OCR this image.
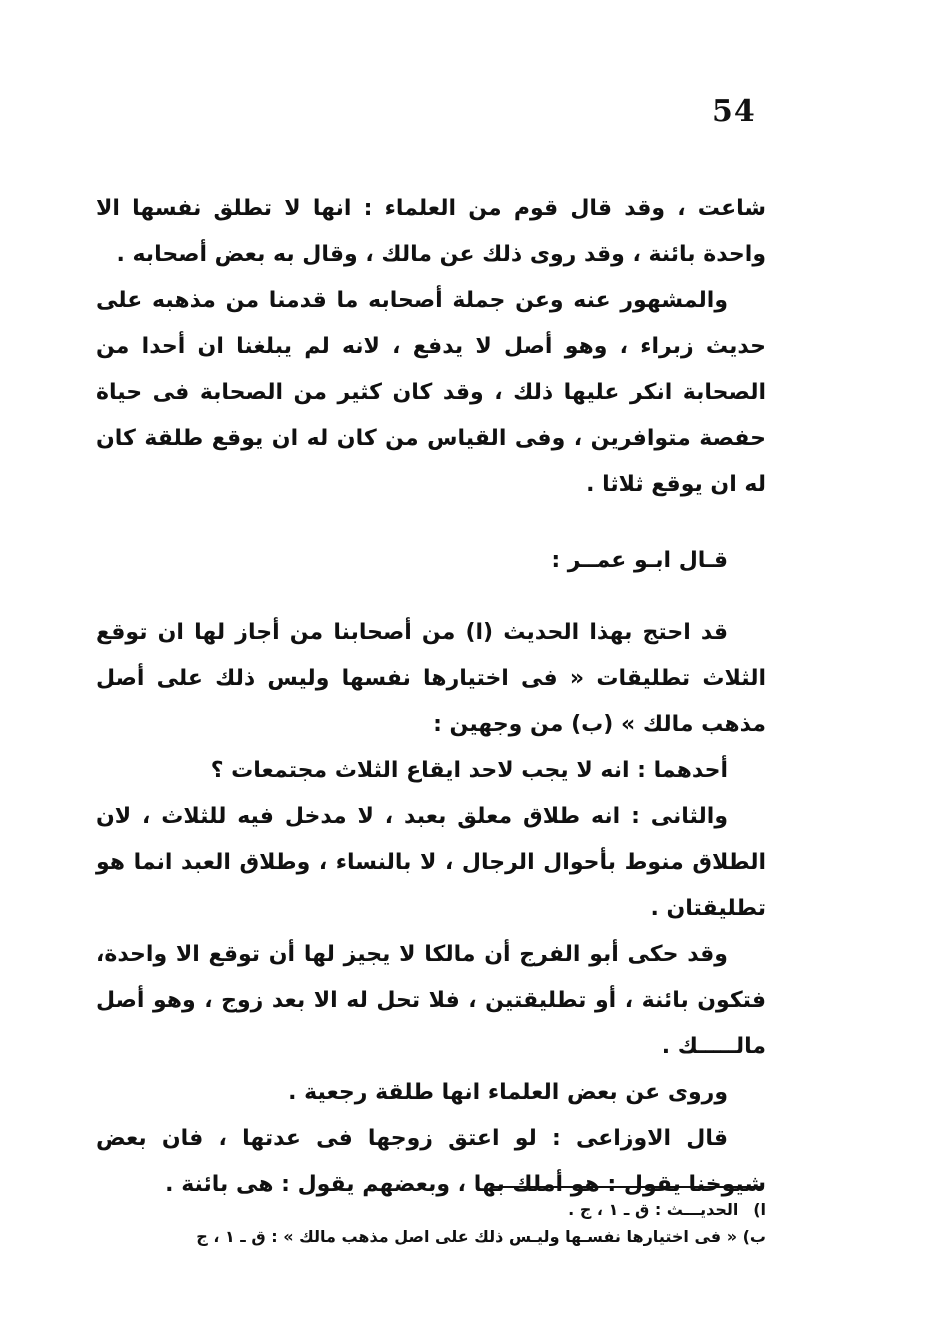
54

شاعت ، وقد قال قوم من العلماء : انها لا تطلق نفسها الا واحدة بائنة ، وقد روى ذلك عن مالك ، وقال به بعض أصحابه .

والمشهور عنه وعن جملة أصحابه ما قدمنا من مذهبه على حديث زبراء ، وهو أصل لا يدفع ، لانه لم يبلغنا ان أحدا من الصحابة انكر عليها ذلك ، وقد كان كثير من الصحابة فى حياة حفصة متوافرين ، وفى القياس من كان له ان يوقع طلقة كان له ان يوقع ثلاثا .

قـال ابـو عمــر :

قد احتج بهذا الحديث (ا) من أصحابنا من أجاز لها ان توقع الثلاث تطليقات « فى اختيارها نفسها وليس ذلك على أصل مذهب مالك » (ب) من وجهين :

أحدهما : انه لا يجب لاحد ايقاع الثلاث مجتمعات ؟

والثانى : انه طلاق معلق بعبد ، لا مدخل فيه للثلاث ، لان الطلاق منوط بأحوال الرجال ، لا بالنساء ، وطلاق العبد انما هو تطليقتان .

وقد حكى أبو الفرج أن مالكا لا يجيز لها أن توقع الا واحدة، فتكون بائنة ، أو تطليقتين ، فلا تحل له الا بعد زوج ، وهو أصل مالـــــك .

وروى عن بعض العلماء انها طلقة رجعية .

قال الاوزاعى : لو اعتق زوجها فى عدتها ، فان بعض شيوخنا يقول : هو أملك بها ، وبعضهم يقول : هى بائنة .

ا) الحديـــث : ق ـ ١ ، ج .
ب) « فى اختيارها نفسـها وليـس ذلك على اصل مذهب مالك » : ق ـ ١ ، ج
